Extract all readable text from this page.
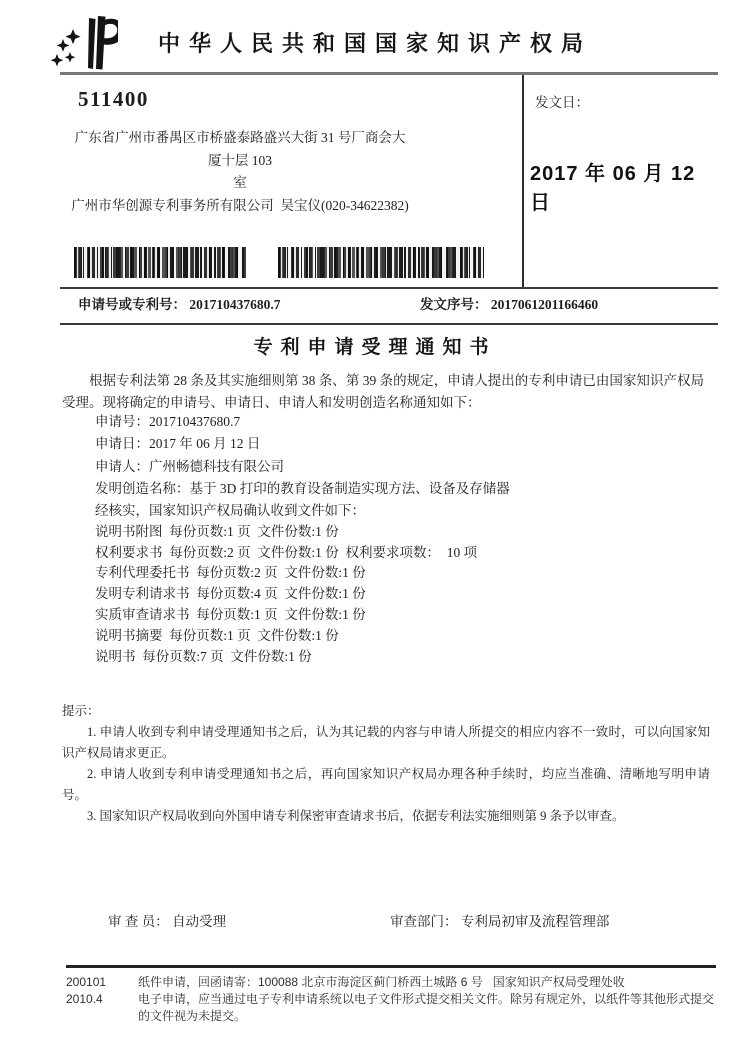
中华人民共和国国家知识产权局
511400
广东省广州市番禺区市桥盛泰路盛兴大街 31 号厂商会大厦十层 103
室
广州市华创源专利事务所有限公司  吴宝仪(020-34622382)
发文日：
2017 年 06 月 12 日
申请号或专利号： 201710437680.7	发文序号： 2017061201166460
专利申请受理通知书

根据专利法第 28 条及其实施细则第 38 条、第 39 条的规定，申请人提出的专利申请已由国家知识产权局受理。现将确定的申请号、申请日、申请人和发明创造名称通知如下：

申请号：201710437680.7
申请日：2017 年 06 月 12 日
申请人：广州畅德科技有限公司
发明创造名称：基于 3D 打印的教育设备制造实现方法、设备及存储器
经核实，国家知识产权局确认收到文件如下：
说明书附图  每份页数:1 页  文件份数:1 份
权利要求书  每份页数:2 页  文件份数:1 份  权利要求项数：  10 项
专利代理委托书  每份页数:2 页  文件份数:1 份
发明专利请求书  每份页数:4 页  文件份数:1 份
实质审查请求书  每份页数:1 页  文件份数:1 份
说明书摘要  每份页数:1 页  文件份数:1 份
说明书  每份页数:7 页  文件份数:1 份

提示：

1. 申请人收到专利申请受理通知书之后，认为其记载的内容与申请人所提交的相应内容不一致时，可以向国家知识产权局请求更正。

2. 申请人收到专利申请受理通知书之后，再向国家知识产权局办理各种手续时，均应当准确、清晰地写明申请号。

3. 国家知识产权局收到向外国申请专利保密审查请求书后，依据专利法实施细则第 9 条予以审查。

审 查 员： 自动受理	审查部门： 专利局初审及流程管理部

200101

2010.4

纸件申请，回函请寄：100088 北京市海淀区蓟门桥西土城路 6 号   国家知识产权局受理处收

电子申请，应当通过电子专利申请系统以电子文件形式提交相关文件。除另有规定外，以纸件等其他形式提交的文件视为未提交。
